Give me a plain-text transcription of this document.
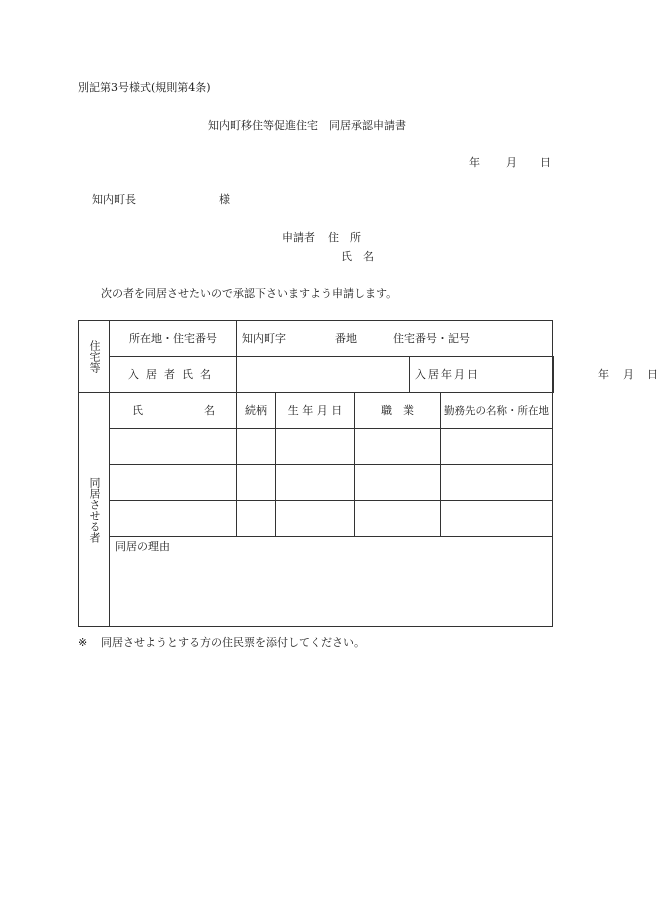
別記第3号様式(規則第4条)
知内町移住等促進住宅　同居承認申請書
年 月 日
知内町長	様
申請者 住　所
氏　名
次の者を同居させたいので承認下さいますよう申請します。
住宅等	所在地・住宅番号	知内町字 番地 住宅番号・記号					

	入居者氏名				入居年月日		年 月 日

同居させる者	氏 名	続柄	生 年 月 日	職　業		勤務先の名称・所在地	

	同居の理由						
※ 同居させようとする方の住民票を添付してください。
